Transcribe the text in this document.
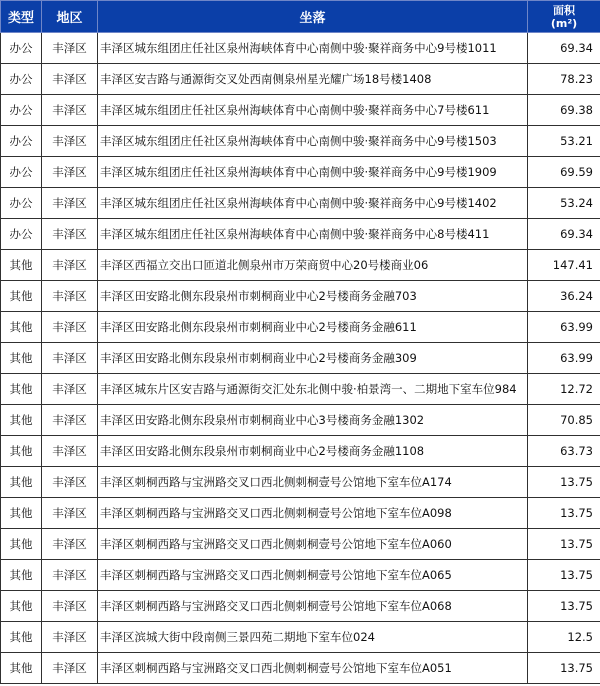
类型	地区	坐落	面积
(m²)
办公	丰泽区	丰泽区城东组团庄任社区泉州海峡体育中心南侧中骏·聚祥商务中心9号楼1011	69.34
办公	丰泽区	丰泽区安吉路与通源街交叉处西南侧泉州星光耀广场18号楼1408	78.23
办公	丰泽区	丰泽区城东组团庄任社区泉州海峡体育中心南侧中骏·聚祥商务中心7号楼611	69.38
办公	丰泽区	丰泽区城东组团庄任社区泉州海峡体育中心南侧中骏·聚祥商务中心9号楼1503	53.21
办公	丰泽区	丰泽区城东组团庄任社区泉州海峡体育中心南侧中骏·聚祥商务中心9号楼1909	69.59
办公	丰泽区	丰泽区城东组团庄任社区泉州海峡体育中心南侧中骏·聚祥商务中心9号楼1402	53.24
办公	丰泽区	丰泽区城东组团庄任社区泉州海峡体育中心南侧中骏·聚祥商务中心8号楼411	69.34
其他	丰泽区	丰泽区西福立交出口匝道北侧泉州市万荣商贸中心20号楼商业06	147.41
其他	丰泽区	丰泽区田安路北侧东段泉州市刺桐商业中心2号楼商务金融703	36.24
其他	丰泽区	丰泽区田安路北侧东段泉州市刺桐商业中心2号楼商务金融611	63.99
其他	丰泽区	丰泽区田安路北侧东段泉州市刺桐商业中心2号楼商务金融309	63.99
其他	丰泽区	丰泽区城东片区安吉路与通源街交汇处东北侧中骏·柏景湾一、二期地下室车位984	12.72
其他	丰泽区	丰泽区田安路北侧东段泉州市刺桐商业中心3号楼商务金融1302	70.85
其他	丰泽区	丰泽区田安路北侧东段泉州市刺桐商业中心2号楼商务金融1108	63.73
其他	丰泽区	丰泽区刺桐西路与宝洲路交叉口西北侧刺桐壹号公馆地下室车位A174	13.75
其他	丰泽区	丰泽区刺桐西路与宝洲路交叉口西北侧刺桐壹号公馆地下室车位A098	13.75
其他	丰泽区	丰泽区刺桐西路与宝洲路交叉口西北侧刺桐壹号公馆地下室车位A060	13.75
其他	丰泽区	丰泽区刺桐西路与宝洲路交叉口西北侧刺桐壹号公馆地下室车位A065	13.75
其他	丰泽区	丰泽区刺桐西路与宝洲路交叉口西北侧刺桐壹号公馆地下室车位A068	13.75
其他	丰泽区	丰泽区滨城大街中段南侧三景四苑二期地下室车位024	12.5
其他	丰泽区	丰泽区刺桐西路与宝洲路交叉口西北侧刺桐壹号公馆地下室车位A051	13.75
